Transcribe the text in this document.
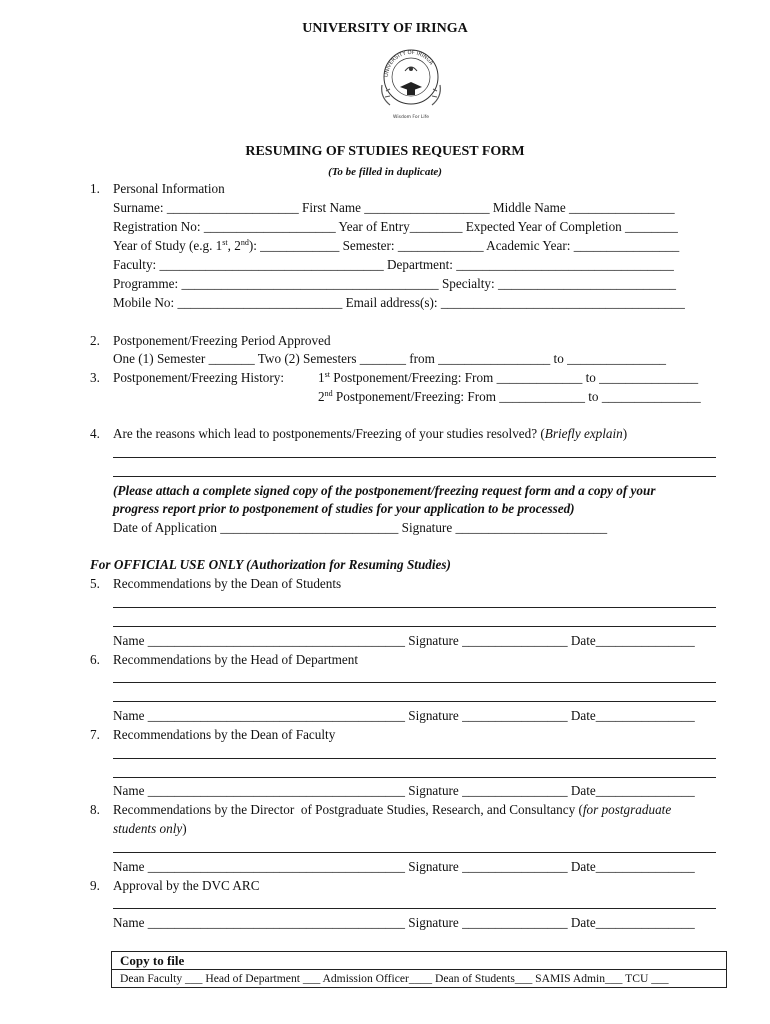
UNIVERSITY OF IRINGA
UNIVERSITY OF IRINGA
Wisdom For Life
RESUMING OF STUDIES REQUEST FORM
(To be filled in duplicate)
1. Personal Information
Surname: ____________________ First Name ___________________ Middle Name ________________
Registration No: ____________________ Year of Entry________ Expected Year of Completion ________
Year of Study (e.g. 1st, 2nd): ____________ Semester: _____________ Academic Year: ________________
Faculty: __________________________________ Department: _________________________________
Programme: _______________________________________ Specialty: ___________________________
Mobile No: _________________________ Email address(s): _____________________________________
2. Postponement/Freezing Period Approved
One (1) Semester _______ Two (2) Semesters _______ from _________________ to _______________
3. Postponement/Freezing History:	1st Postponement/Freezing: From _____________ to _______________
2nd Postponement/Freezing: From _____________ to _______________
4. Are the reasons which lead to postponements/Freezing of your studies resolved? (Briefly explain)
(Please attach a complete signed copy of the postponement/freezing request form and a copy of your
progress report prior to postponement of studies for your application to be processed)
Date of Application ___________________________ Signature _______________________
For OFFICIAL USE ONLY (Authorization for Resuming Studies)
5. Recommendations by the Dean of Students
Name _______________________________________ Signature ________________ Date_______________
6. Recommendations by the Head of Department
Name _______________________________________ Signature ________________ Date_______________
7. Recommendations by the Dean of Faculty
Name _______________________________________ Signature ________________ Date_______________
8. Recommendations by the Director  of Postgraduate Studies, Research, and Consultancy (for postgraduate
students only)
Name _______________________________________ Signature ________________ Date_______________
9. Approval by the DVC ARC
Name _______________________________________ Signature ________________ Date_______________
Copy to file
Dean Faculty ___ Head of Department ___ Admission Officer____ Dean of Students___ SAMIS Admin___ TCU ___
